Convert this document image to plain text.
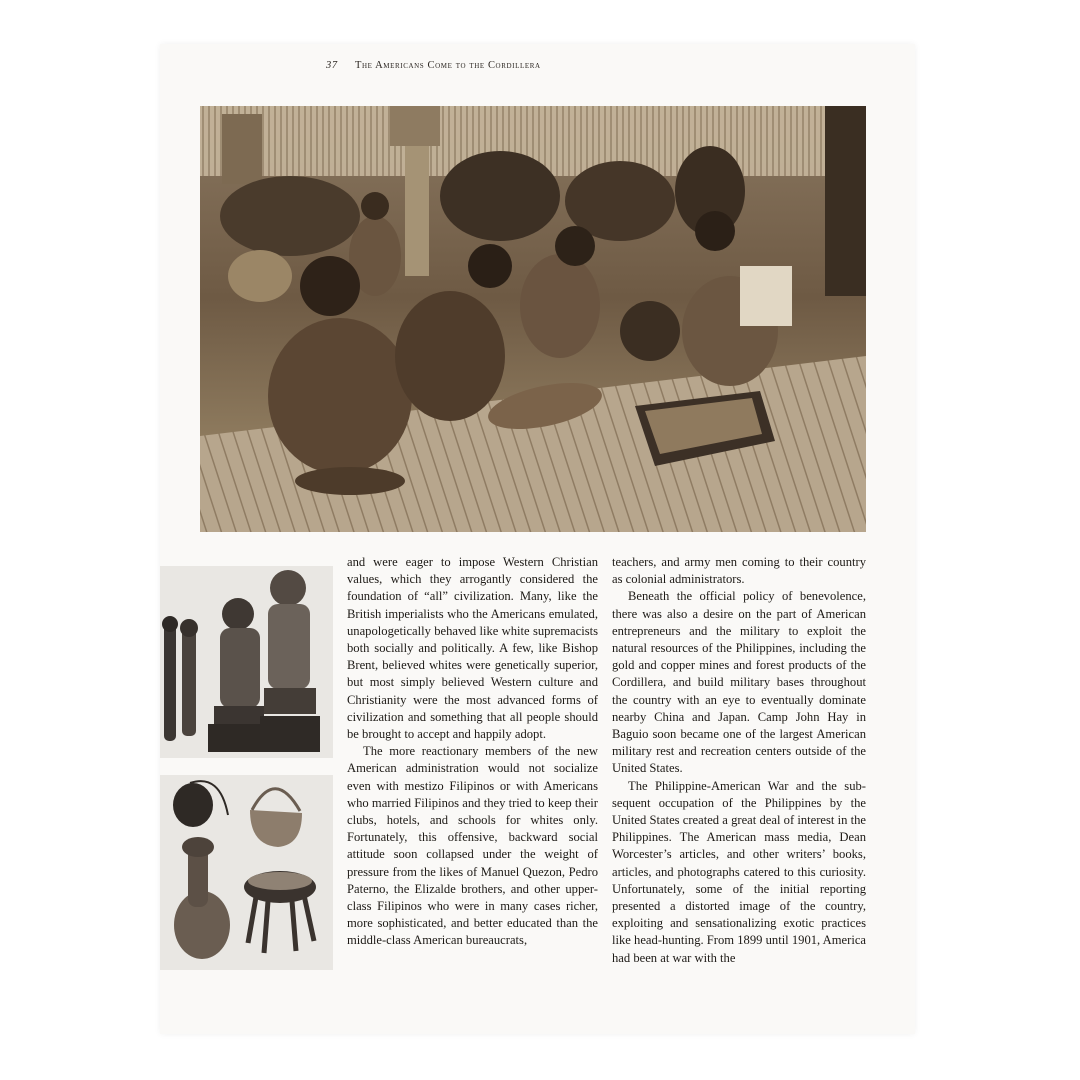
37 The Americans Come to the Cordillera

and were eager to impose Western Christian values, which they arrogantly considered the foundation of “all” civilization. Many, like the British imperialists who the Americans emulated, unapologetically behaved like white supremacists both socially and politically. A few, like Bishop Brent, believed whites were genetically superior, but most simply believed Western culture and Christianity were the most advanced forms of civilization and something that all people should be brought to accept and happily adopt.

The more reactionary members of the new American administration would not socialize even with mestizo Filipinos or with Americans who married Filipinos and they tried to keep their clubs, hotels, and schools for whites only. Fortunately, this offensive, backward social attitude soon collapsed under the weight of pressure from the likes of Manuel Quezon, Pedro Paterno, the Elizalde brothers, and other upper-class Filipinos who were in many cases richer, more sophisticated, and better educated than the middle-class American bureaucrats,

teachers, and army men coming to their country as colonial administrators.

Beneath the official policy of benevolence, there was also a desire on the part of American entrepreneurs and the military to exploit the natural resources of the Philippines, including the gold and copper mines and forest products of the Cordillera, and build military bases throughout the country with an eye to eventually dominate nearby China and Japan. Camp John Hay in Baguio soon became one of the largest American military rest and recreation centers outside of the United States.

The Philippine-American War and the subsequent occupation of the Philippines by the United States created a great deal of interest in the Philippines. The American mass media, Dean Worcester’s articles, and other writers’ books, articles, and photographs catered to this curiosity. Unfortunately, some of the initial reporting presented a distorted image of the country, exploiting and sensationalizing exotic practices like head-hunting. From 1899 until 1901, America had been at war with the
